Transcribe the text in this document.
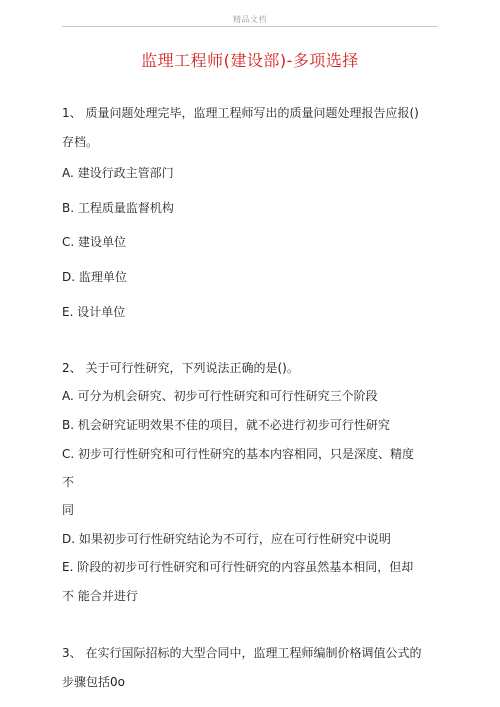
精品文档
监理工程师(建设部)-多项选择
1、 质量问题处理完毕，监理工程师写出的质量问题处理报告应报()
存档。
A. 建设行政主管部门
B. 工程质量监督机构
C. 建设单位
D. 监理单位
E. 设计单位
2、 关于可行性研究，下列说法正确的是()。
A. 可分为机会研究、初步可行性研究和可行性研究三个阶段
B. 机会研究证明效果不佳的项目，就不必进行初步可行性研究
C. 初步可行性研究和可行性研究的基本内容相同，只是深度、精度
不
同
D. 如果初步可行性研究结论为不可行，应在可行性研究中说明
E. 阶段的初步可行性研究和可行性研究的内容虽然基本相同，但却
不 能合并进行
3、 在实行国际招标的大型合同中，监理工程师编制价格调值公式的
步骤包括0o
